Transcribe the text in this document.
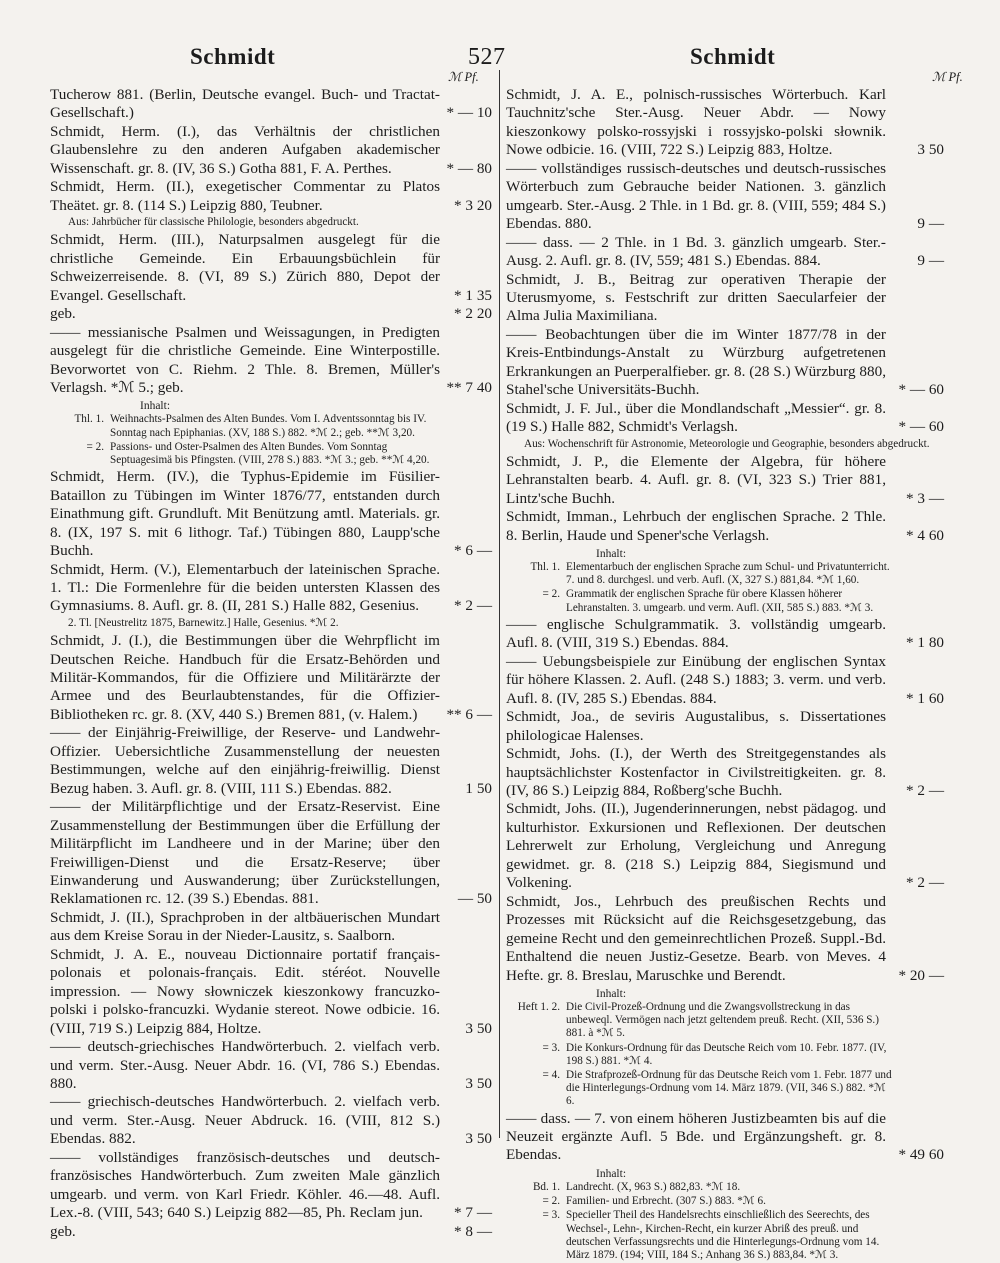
Schmidt	527	Schmidt
ℳ Pf.	ℳ Pf.
Tucherow 881. (Berlin, Deutsche evangel. Buch- und Tractat-Gesellschaft.)	* — 10
Schmidt, Herm. (I.), das Verhältnis der christlichen Glaubenslehre zu den anderen Aufgaben akademischer Wissenschaft. gr. 8. (IV, 36 S.) Gotha 881, F. A. Perthes.	* — 80
Schmidt, Herm. (II.), exegetischer Commentar zu Platos Theätet. gr. 8. (114 S.) Leipzig 880, Teubner.	* 3 20
Aus: Jahrbücher für classische Philologie, besonders abgedruckt.
Schmidt, Herm. (III.), Naturpsalmen ausgelegt für die christliche Gemeinde. Ein Erbauungsbüchlein für Schweizerreisende. 8. (VI, 89 S.) Zürich 880, Depot der Evangel. Gesellschaft.	* 1 35
geb.	* 2 20
—— messianische Psalmen und Weissagungen, in Predigten ausgelegt für die christliche Gemeinde. Eine Winterpostille. Bevorwortet von C. Riehm. 2 Thle. 8. Bremen, Müller's Verlagsh. *ℳ 5.; geb.	** 7 40
Inhalt:
Thl. 1. Weihnachts-Psalmen des Alten Bundes. Vom I. Adventssonntag bis IV. Sonntag nach Epiphanias. (XV, 188 S.) 882. *ℳ 2.; geb. **ℳ 3,20.
= 2. Passions- und Oster-Psalmen des Alten Bundes. Vom Sonntag Septuagesimä bis Pfingsten. (VIII, 278 S.) 883. *ℳ 3.; geb. **ℳ 4,20.
Schmidt, Herm. (IV.), die Typhus-Epidemie im Füsilier-Bataillon zu Tübingen im Winter 1876/77, entstanden durch Einathmung gift. Grundluft. Mit Benützung amtl. Materials. gr. 8. (IX, 197 S. mit 6 lithogr. Taf.) Tübingen 880, Laupp'sche Buchh.	* 6 —
Schmidt, Herm. (V.), Elementarbuch der lateinischen Sprache. 1. Tl.: Die Formenlehre für die beiden untersten Klassen des Gymnasiums. 8. Aufl. gr. 8. (II, 281 S.) Halle 882, Gesenius.	* 2 —
2. Tl. [Neustrelitz 1875, Barnewitz.] Halle, Gesenius. *ℳ 2.
Schmidt, J. (I.), die Bestimmungen über die Wehrpflicht im Deutschen Reiche. Handbuch für die Ersatz-Behörden und Militär-Kommandos, für die Offiziere und Militärärzte der Armee und des Beurlaubtenstandes, für die Offizier-Bibliotheken rc. gr. 8. (XV, 440 S.) Bremen 881, (v. Halem.)	** 6 —
—— der Einjährig-Freiwillige, der Reserve- und Landwehr-Offizier. Uebersichtliche Zusammenstellung der neuesten Bestimmungen, welche auf den einjährig-freiwillig. Dienst Bezug haben. 3. Aufl. gr. 8. (VIII, 111 S.) Ebendas. 882.	1 50
—— der Militärpflichtige und der Ersatz-Reservist. Eine Zusammenstellung der Bestimmungen über die Erfüllung der Militärpflicht im Landheere und in der Marine; über den Freiwilligen-Dienst und die Ersatz-Reserve; über Einwanderung und Auswanderung; über Zurückstellungen, Reklamationen rc. 12. (39 S.) Ebendas. 881.	— 50
Schmidt, J. (II.), Sprachproben in der altbäuerischen Mundart aus dem Kreise Sorau in der Nieder-Lausitz, s. Saalborn.
Schmidt, J. A. E., nouveau Dictionnaire portatif français-polonais et polonais-français. Edit. stéréot. Nouvelle impression. — Nowy słowniczek kieszonkowy francuzko-polski i polsko-francuzki. Wydanie stereot. Nowe odbicie. 16. (VIII, 719 S.) Leipzig 884, Holtze.	3 50
—— deutsch-griechisches Handwörterbuch. 2. vielfach verb. und verm. Ster.-Ausg. Neuer Abdr. 16. (VI, 786 S.) Ebendas. 880.	3 50
—— griechisch-deutsches Handwörterbuch. 2. vielfach verb. und verm. Ster.-Ausg. Neuer Abdruck. 16. (VIII, 812 S.) Ebendas. 882.	3 50
—— vollständiges französisch-deutsches und deutsch-französisches Handwörterbuch. Zum zweiten Male gänzlich umgearb. und verm. von Karl Friedr. Köhler. 46.—48. Aufl. Lex.-8. (VIII, 543; 640 S.) Leipzig 882—85, Ph. Reclam jun.	* 7 —
geb.	* 8 —
Schmidt, J. A. E., polnisch-russisches Wörterbuch. Karl Tauchnitz'sche Ster.-Ausg. Neuer Abdr. — Nowy kieszonkowy polsko-rossyjski i rossyjsko-polski słownik. Nowe odbicie. 16. (VIII, 722 S.) Leipzig 883, Holtze.	3 50
—— vollständiges russisch-deutsches und deutsch-russisches Wörterbuch zum Gebrauche beider Nationen. 3. gänzlich umgearb. Ster.-Ausg. 2 Thle. in 1 Bd. gr. 8. (VIII, 559; 484 S.) Ebendas. 880.	9 —
—— dass. — 2 Thle. in 1 Bd. 3. gänzlich umgearb. Ster.-Ausg. 2. Aufl. gr. 8. (IV, 559; 481 S.) Ebendas. 884.	9 —
Schmidt, J. B., Beitrag zur operativen Therapie der Uterusmyome, s. Festschrift zur dritten Saecularfeier der Alma Julia Maximiliana.
—— Beobachtungen über die im Winter 1877/78 in der Kreis-Entbindungs-Anstalt zu Würzburg aufgetretenen Erkrankungen an Puerperalfieber. gr. 8. (28 S.) Würzburg 880, Stahel'sche Universitäts-Buchh.	* — 60
Schmidt, J. F. Jul., über die Mondlandschaft „Messier“. gr. 8. (19 S.) Halle 882, Schmidt's Verlagsh.	* — 60
Aus: Wochenschrift für Astronomie, Meteorologie und Geographie, besonders abgedruckt.
Schmidt, J. P., die Elemente der Algebra, für höhere Lehranstalten bearb. 4. Aufl. gr. 8. (VI, 323 S.) Trier 881, Lintz'sche Buchh.	* 3 —
Schmidt, Imman., Lehrbuch der englischen Sprache. 2 Thle. 8. Berlin, Haude und Spener'sche Verlagsh.	* 4 60
Inhalt:
Thl. 1. Elementarbuch der englischen Sprache zum Schul- und Privatunterricht. 7. und 8. durchgesl. und verb. Aufl. (X, 327 S.) 881,84. *ℳ 1,60.
= 2. Grammatik der englischen Sprache für obere Klassen höherer Lehranstalten. 3. umgearb. und verm. Aufl. (XII, 585 S.) 883. *ℳ 3.
—— englische Schulgrammatik. 3. vollständig umgearb. Aufl. 8. (VIII, 319 S.) Ebendas. 884.	* 1 80
—— Uebungsbeispiele zur Einübung der englischen Syntax für höhere Klassen. 2. Aufl. (248 S.) 1883; 3. verm. und verb. Aufl. 8. (IV, 285 S.) Ebendas. 884.	* 1 60
Schmidt, Joa., de seviris Augustalibus, s. Dissertationes philologicae Halenses.
Schmidt, Johs. (I.), der Werth des Streitgegenstandes als hauptsächlichster Kostenfactor in Civilstreitigkeiten. gr. 8. (IV, 86 S.) Leipzig 884, Roßberg'sche Buchh.	* 2 —
Schmidt, Johs. (II.), Jugenderinnerungen, nebst pädagog. und kulturhistor. Exkursionen und Reflexionen. Der deutschen Lehrerwelt zur Erholung, Vergleichung und Anregung gewidmet. gr. 8. (218 S.) Leipzig 884, Siegismund und Volkening.	* 2 —
Schmidt, Jos., Lehrbuch des preußischen Rechts und Prozesses mit Rücksicht auf die Reichsgesetzgebung, das gemeine Recht und den gemeinrechtlichen Prozeß. Suppl.-Bd. Enthaltend die neuen Justiz-Gesetze. Bearb. von Meves. 4 Hefte. gr. 8. Breslau, Maruschke und Berendt.	* 20 —
Inhalt:
Heft 1. 2. Die Civil-Prozeß-Ordnung und die Zwangsvollstreckung in das unbeweql. Vermögen nach jetzt geltendem preuß. Recht. (XII, 536 S.) 881. à *ℳ 5.
= 3. Die Konkurs-Ordnung für das Deutsche Reich vom 10. Febr. 1877. (IV, 198 S.) 881. *ℳ 4.
= 4. Die Strafprozeß-Ordnung für das Deutsche Reich vom 1. Febr. 1877 und die Hinterlegungs-Ordnung vom 14. März 1879. (VII, 346 S.) 882. *ℳ 6.
—— dass. — 7. von einem höheren Justizbeamten bis auf die Neuzeit ergänzte Aufl. 5 Bde. und Ergänzungsheft. gr. 8. Ebendas.	* 49 60
Inhalt:
Bd. 1. Landrecht. (X, 963 S.) 882,83. *ℳ 18.
= 2. Familien- und Erbrecht. (307 S.) 883. *ℳ 6.
= 3. Specieller Theil des Handelsrechts einschließlich des Seerechts, des Wechsel-, Lehn-, Kirchen-Recht, ein kurzer Abriß des preuß. und deutschen Verfassungsrechts und die Hinterlegungs-Ordnung vom 14. März 1879. (194; VIII, 184 S.; Anhang 36 S.) 883,84. *ℳ 3.
